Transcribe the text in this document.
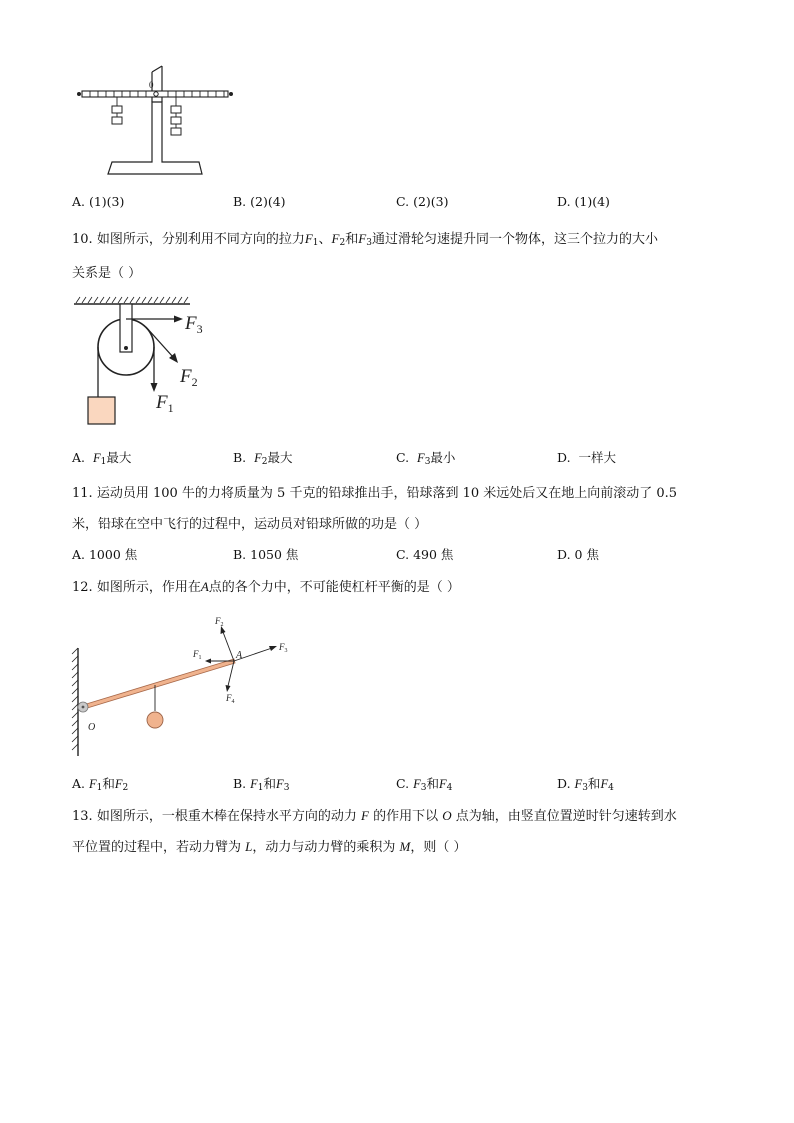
0
A. (1)(3)	B. (2)(4)	C. (2)(3)	D. (1)(4)
10. 如图所示，分别利用不同方向的拉力$F_1$、$F_2$和$F_3$通过滑轮匀速提升同一个物体，这三个拉力的大小
关系是（ ）
$F_3$
$F_2$
$F_1$
A. $F_1$最大	B. $F_2$最大	C. $F_3$最小	D. 一样大
11. 运动员用 100 牛的力将质量为 5 千克的铅球推出手，铅球落到 10 米远处后又在地上向前滚动了 0.5
米，铅球在空中飞行的过程中，运动员对铅球所做的功是（ ）
A. 1000 焦	B. 1050 焦	C. 490 焦	D. 0 焦
12. 如图所示，作用在A点的各个力中，不可能使杠杆平衡的是（ ）
A
O
$F_1$
$F_2$
$F_3$
$F_4$
A. $F_1$和$F_2$	B. $F_1$和$F_3$	C. $F_3$和$F_4$	D. $F_3$和$F_4$
13. 如图所示，一根重木棒在保持水平方向的动力 F 的作用下以 O 点为轴，由竖直位置逆时针匀速转到水
平位置的过程中，若动力臂为 L，动力与动力臂的乘积为 M，则（ ）
